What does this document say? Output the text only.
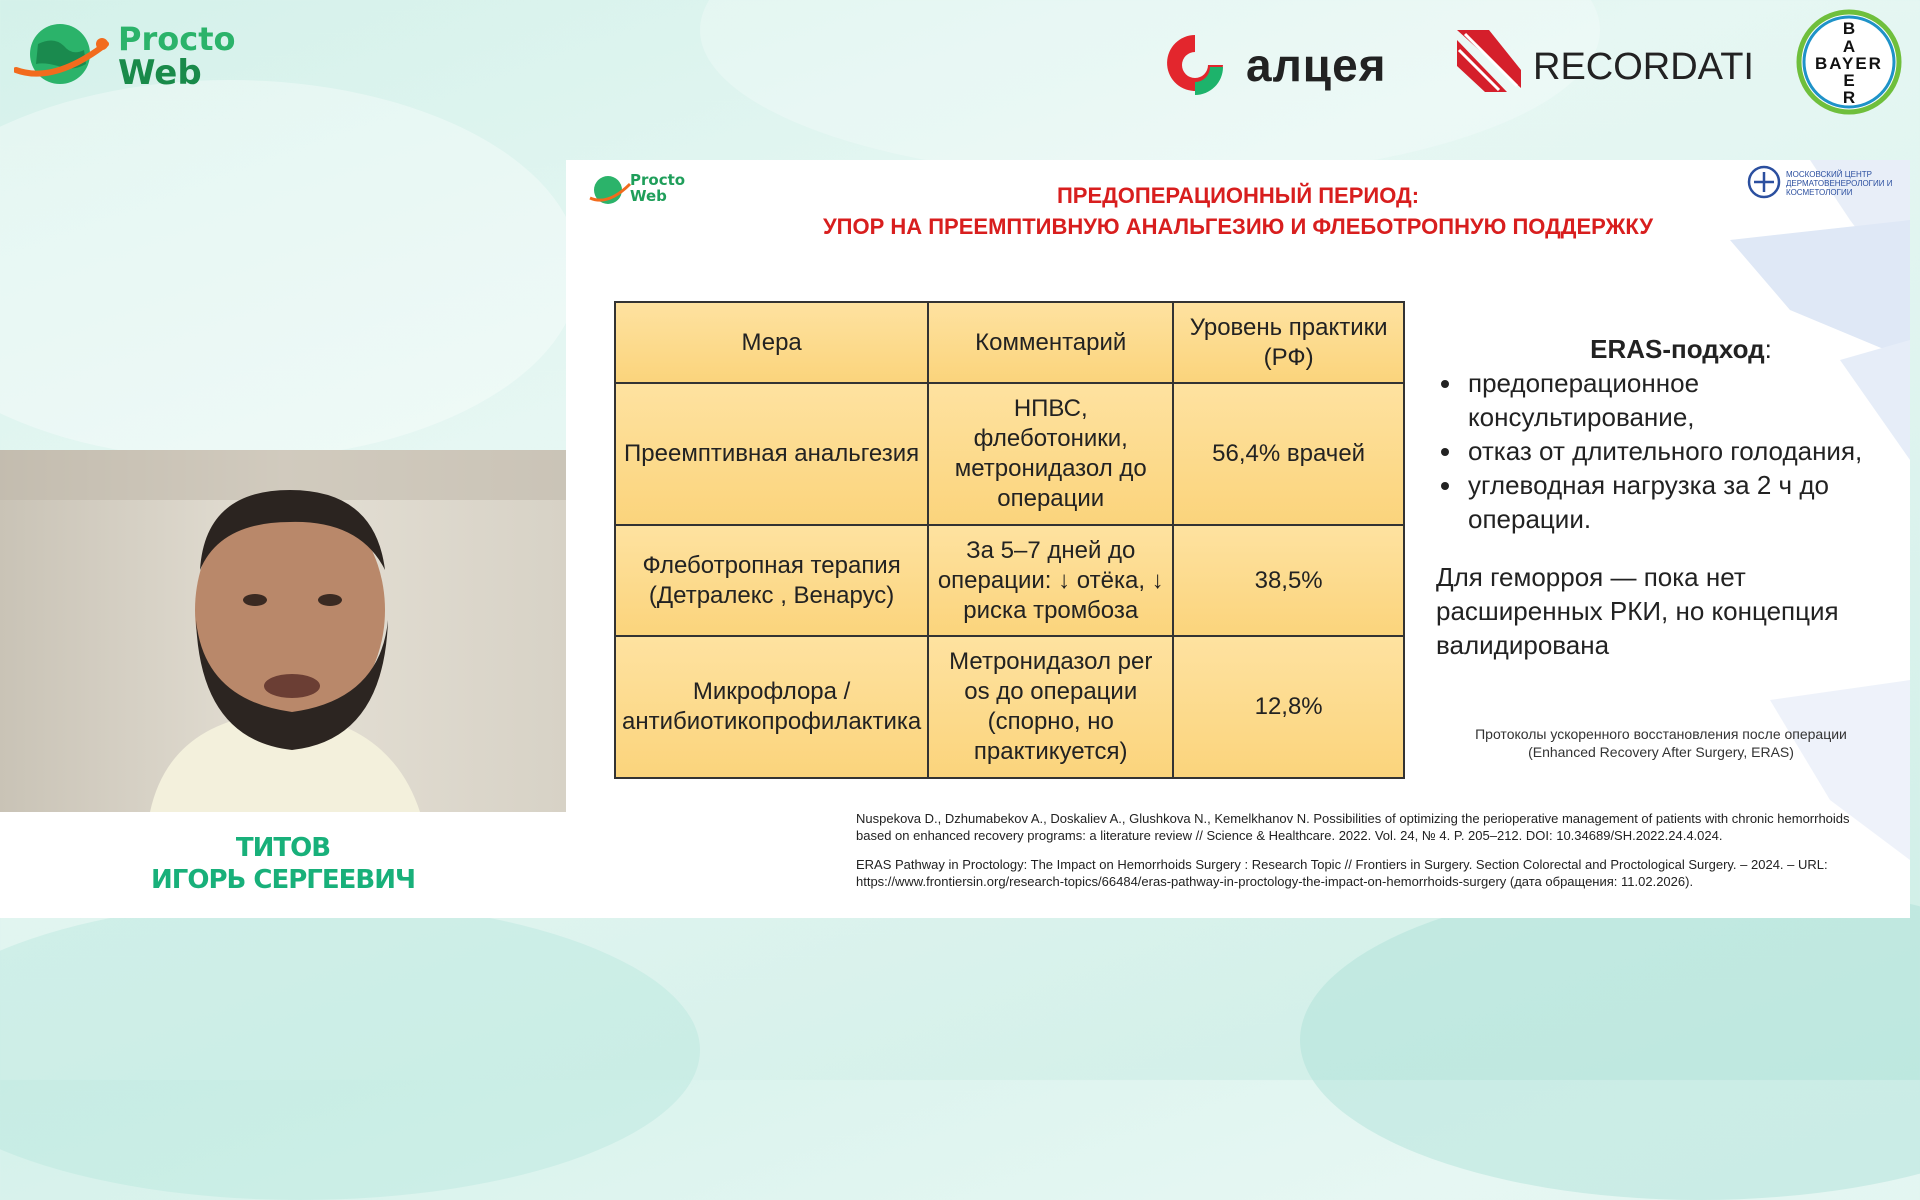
Procto
Web	алцея	RECORDATI
B
A
BAYER
E
R
Procto
Web
МОСКОВСКИЙ ЦЕНТР ДЕРМАТОВЕНЕРОЛОГИИ И КОСМЕТОЛОГИИ
ПРЕДОПЕРАЦИОННЫЙ ПЕРИОД:
УПОР НА ПРЕЕМПТИВНУЮ АНАЛЬГЕЗИЮ И ФЛЕБОТРОПНУЮ ПОДДЕРЖКУ
Мера	Комментарий	Уровень практики (РФ)
Преемптивная анальгезия	НПВС, флеботоники, метронидазол до операции	56,4% врачей
Флеботропная терапия (Детралекс , Венарус)	За 5–7 дней до операции: ↓ отёка, ↓ риска тромбоза	38,5%
Микрофлора / антибиотикопрофилактика	Метронидазол per os до операции (спорно, но практикуется)	12,8%
ERAS-подход:
• предоперационное консультирование,
• отказ от длительного голодания,
• углеводная нагрузка за 2 ч до операции.
Для геморроя — пока нет расширенных РКИ, но концепция валидирована
Протоколы ускоренного восстановления после операции
(Enhanced Recovery After Surgery, ERAS)

Nuspekova D., Dzhumabekov A., Doskaliev A., Glushkova N., Kemelkhanov N. Possibilities of optimizing the perioperative management of patients with chronic hemorrhoids based on enhanced recovery programs: a literature review // Science & Healthcare. 2022. Vol. 24, № 4. P. 205–212. DOI: 10.34689/SH.2022.24.4.024.

ERAS Pathway in Proctology: The Impact on Hemorrhoids Surgery : Research Topic // Frontiers in Surgery. Section Colorectal and Proctological Surgery. – 2024. – URL: https://www.frontiersin.org/research-topics/66484/eras-pathway-in-proctology-the-impact-on-hemorrhoids-surgery (дата обращения: 11.02.2026).

ТИТОВ
ИГОРЬ СЕРГЕЕВИЧ
